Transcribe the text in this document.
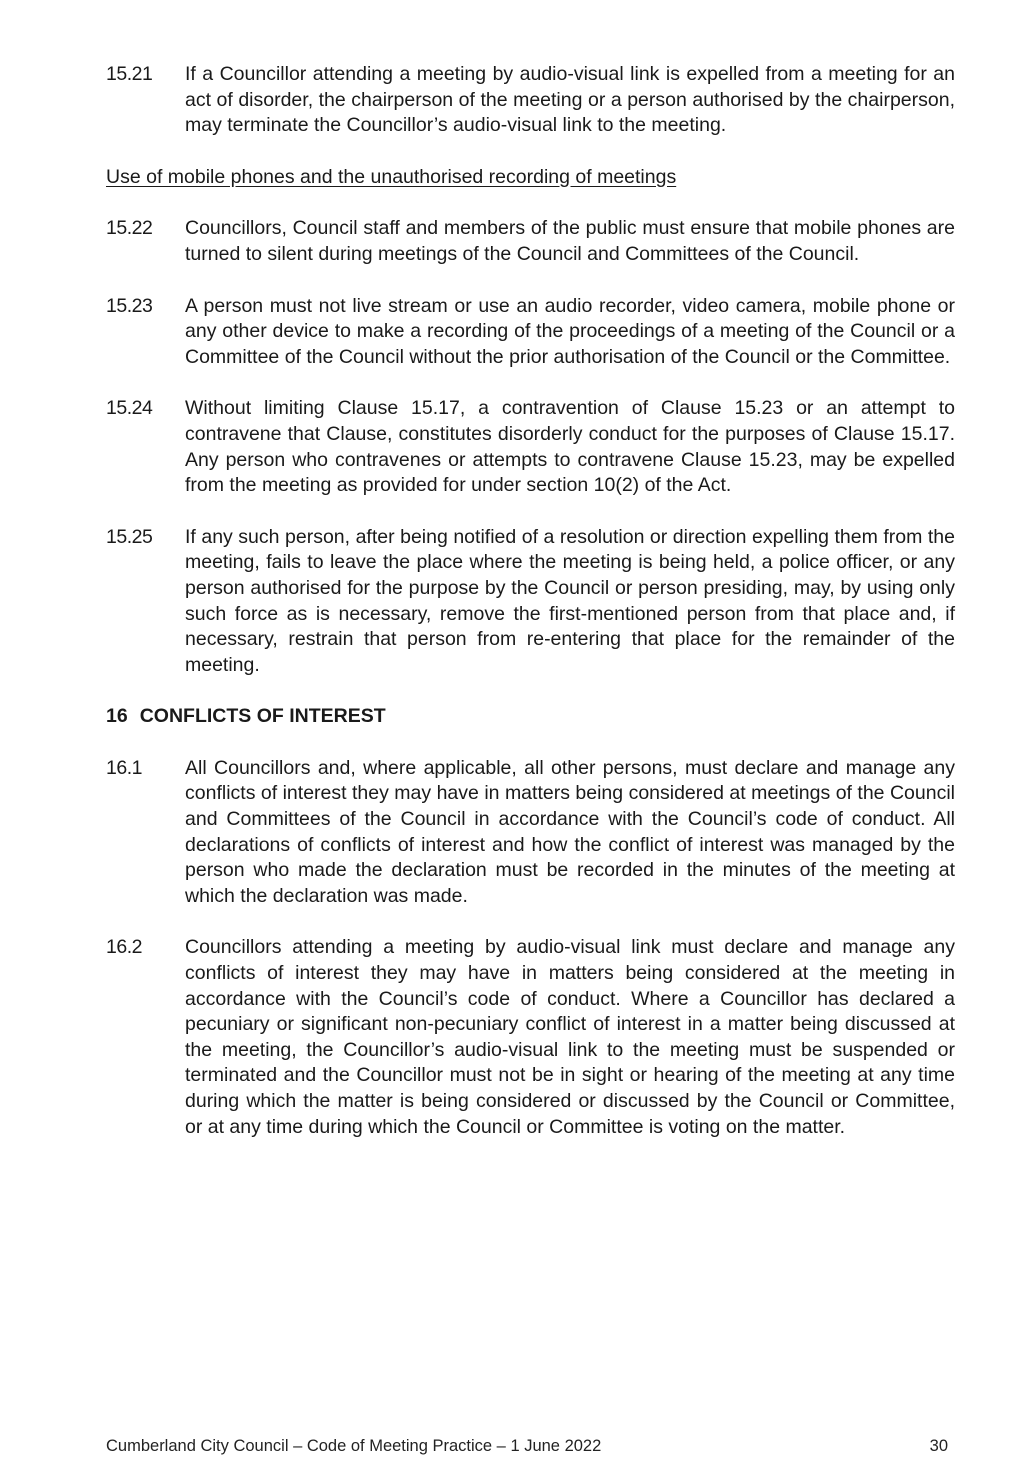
15.21	If a Councillor attending a meeting by audio-visual link is expelled from a meeting for an act of disorder, the chairperson of the meeting or a person authorised by the chairperson, may terminate the Councillor’s audio-visual link to the meeting.
Use of mobile phones and the unauthorised recording of meetings
15.22	Councillors, Council staff and members of the public must ensure that mobile phones are turned to silent during meetings of the Council and Committees of the Council.
15.23	A person must not live stream or use an audio recorder, video camera, mobile phone or any other device to make a recording of the proceedings of a meeting of the Council or a Committee of the Council without the prior authorisation of the Council or the Committee.
15.24	Without limiting Clause 15.17, a contravention of Clause 15.23 or an attempt to contravene that Clause, constitutes disorderly conduct for the purposes of Clause 15.17. Any person who contravenes or attempts to contravene Clause 15.23, may be expelled from the meeting as provided for under section 10(2) of the Act.
15.25	If any such person, after being notified of a resolution or direction expelling them from the meeting, fails to leave the place where the meeting is being held, a police officer, or any person authorised for the purpose by the Council or person presiding, may, by using only such force as is necessary, remove the first-mentioned person from that place and, if necessary, restrain that person from re-entering that place for the remainder of the meeting.
16 CONFLICTS OF INTEREST
16.1	All Councillors and, where applicable, all other persons, must declare and manage any conflicts of interest they may have in matters being considered at meetings of the Council and Committees of the Council in accordance with the Council’s code of conduct. All declarations of conflicts of interest and how the conflict of interest was managed by the person who made the declaration must be recorded in the minutes of the meeting at which the declaration was made.
16.2	Councillors attending a meeting by audio-visual link must declare and manage any conflicts of interest they may have in matters being considered at the meeting in accordance with the Council’s code of conduct. Where a Councillor has declared a pecuniary or significant non-pecuniary conflict of interest in a matter being discussed at the meeting, the Councillor’s audio-visual link to the meeting must be suspended or terminated and the Councillor must not be in sight or hearing of the meeting at any time during which the matter is being considered or discussed by the Council or Committee, or at any time during which the Council or Committee is voting on the matter.
Cumberland City Council – Code of Meeting Practice – 1 June 2022	30
